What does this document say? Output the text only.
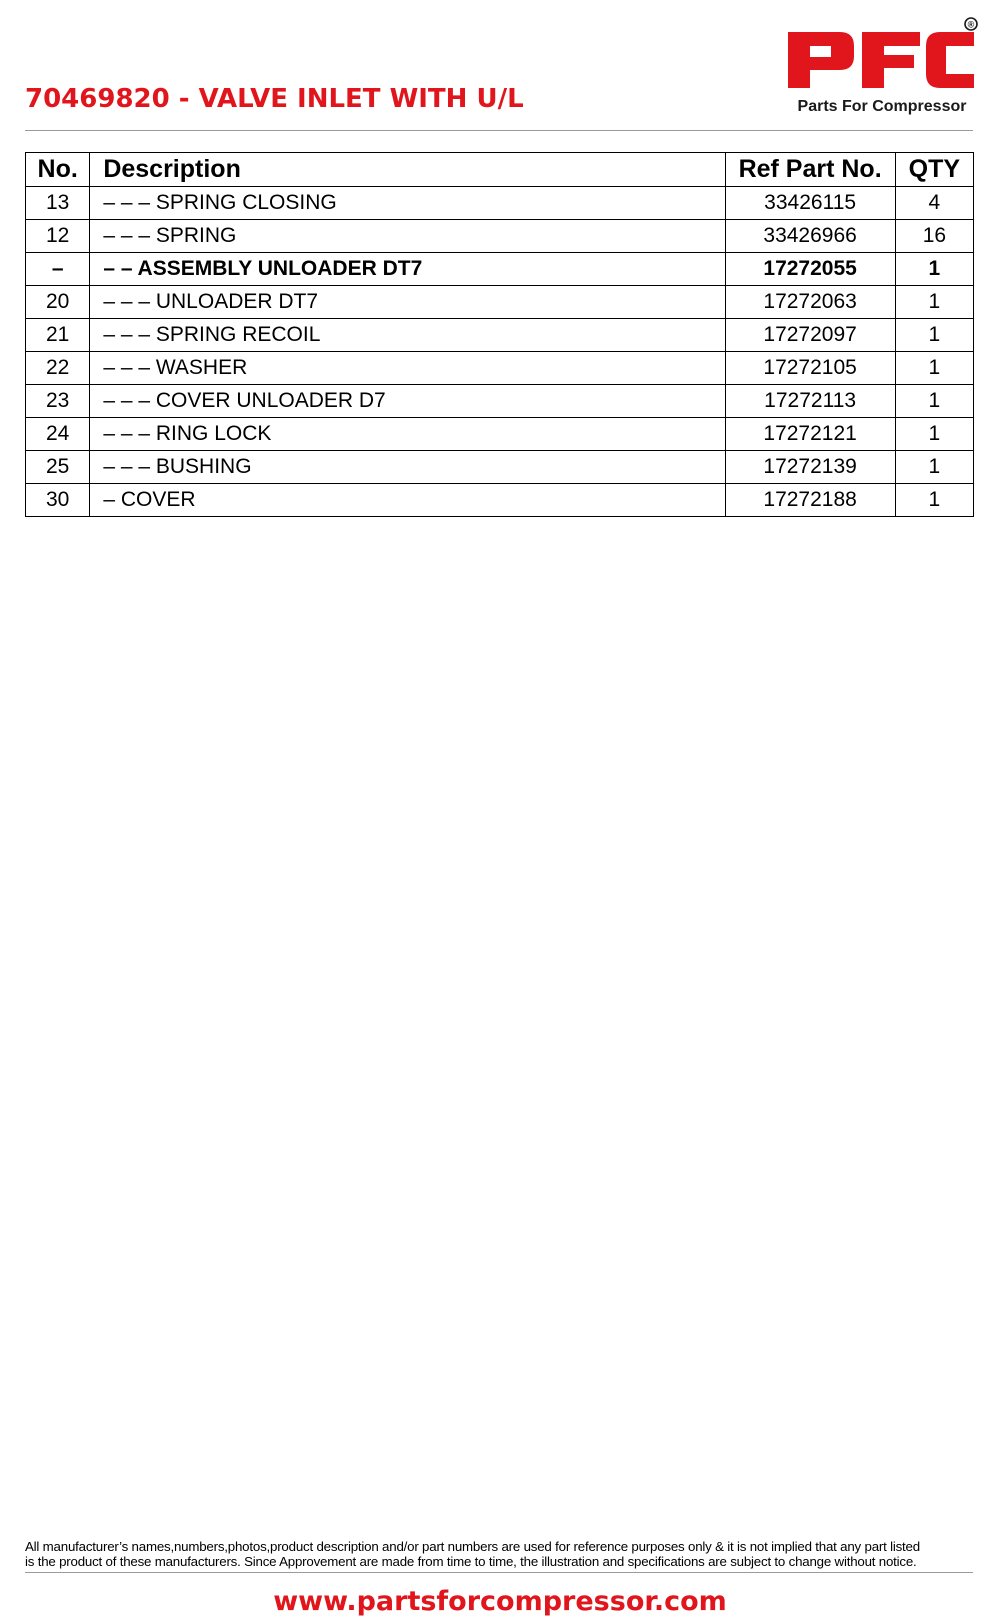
70469820 - VALVE INLET WITH U/L
®
Parts For Compressor
No.	Description	Ref Part No.	QTY
13	– – – SPRING CLOSING	33426115	4
12	– – – SPRING	33426966	16
–	– – ASSEMBLY UNLOADER DT7	17272055	1
20	– – – UNLOADER DT7	17272063	1
21	– – – SPRING RECOIL	17272097	1
22	– – – WASHER	17272105	1
23	– – – COVER UNLOADER D7	17272113	1
24	– – – RING LOCK	17272121	1
25	– – – BUSHING	17272139	1
30	– COVER	17272188	1
All manufacturer’s names,numbers,photos,product description and/or part numbers are used for reference purposes only & it is not implied that any part listed
is the product of these manufacturers. Since Approvement are made from time to time, the illustration and specifications are subject to change without notice.
www.partsforcompressor.com
